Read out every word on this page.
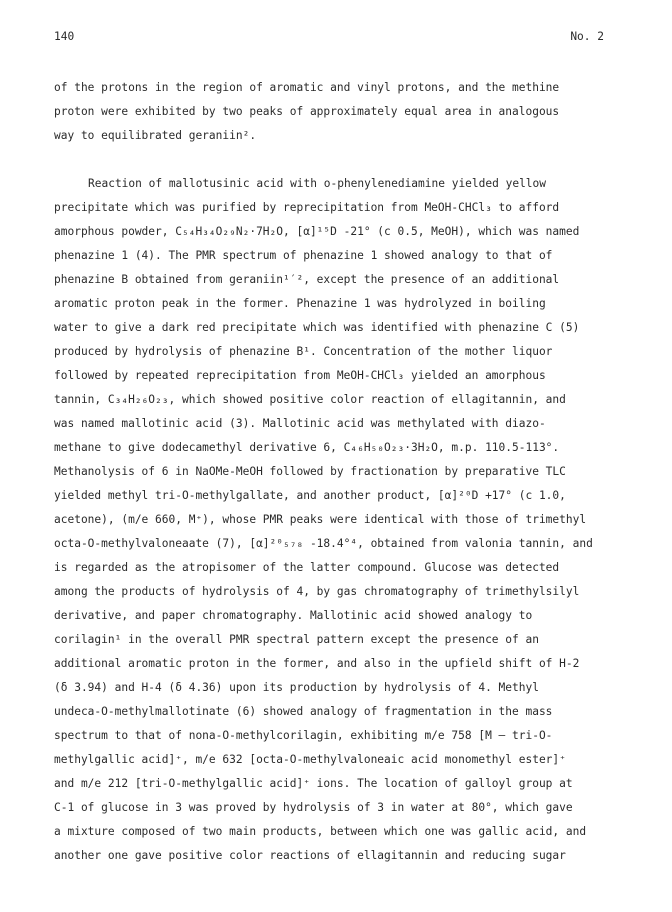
140	No. 2
of the protons in the region of aromatic and vinyl protons, and the methine
proton were exhibited by two peaks of approximately equal area in analogous
way to equilibrated geraniin².
Reaction of mallotusinic acid with o-phenylenediamine yielded yellow
precipitate which was purified by reprecipitation from MeOH-CHCl₃ to afford
amorphous powder, C₅₄H₃₄O₂₉N₂·7H₂O, [α]¹⁵D -21° (c 0.5, MeOH), which was named
phenazine 1 (4). The PMR spectrum of phenazine 1 showed analogy to that of
phenazine B obtained from geraniin¹′², except the presence of an additional
aromatic proton peak in the former. Phenazine 1 was hydrolyzed in boiling
water to give a dark red precipitate which was identified with phenazine C (5)
produced by hydrolysis of phenazine B¹. Concentration of the mother liquor
followed by repeated reprecipitation from MeOH-CHCl₃ yielded an amorphous
tannin, C₃₄H₂₆O₂₃, which showed positive color reaction of ellagitannin, and
was named mallotinic acid (3). Mallotinic acid was methylated with diazo-
methane to give dodecamethyl derivative 6, C₄₆H₅₀O₂₃·3H₂O, m.p. 110.5-113°.
Methanolysis of 6 in NaOMe-MeOH followed by fractionation by preparative TLC
yielded methyl tri-O-methylgallate, and another product, [α]²⁰D +17° (c 1.0,
acetone), (m/e 660, M⁺), whose PMR peaks were identical with those of trimethyl
octa-O-methylvaloneaate (7), [α]²⁰₅₇₈ -18.4°⁴, obtained from valonia tannin, and
is regarded as the atropisomer of the latter compound. Glucose was detected
among the products of hydrolysis of 4, by gas chromatography of trimethylsilyl
derivative, and paper chromatography. Mallotinic acid showed analogy to
corilagin¹ in the overall PMR spectral pattern except the presence of an
additional aromatic proton in the former, and also in the upfield shift of H-2
(δ 3.94) and H-4 (δ 4.36) upon its production by hydrolysis of 4. Methyl
undeca-O-methylmallotinate (6) showed analogy of fragmentation in the mass
spectrum to that of nona-O-methylcorilagin, exhibiting m/e 758 [M — tri-O-
methylgallic acid]⁺, m/e 632 [octa-O-methylvaloneaic acid monomethyl ester]⁺
and m/e 212 [tri-O-methylgallic acid]⁺ ions. The location of galloyl group at
C-1 of glucose in 3 was proved by hydrolysis of 3 in water at 80°, which gave
a mixture composed of two main products, between which one was gallic acid, and
another one gave positive color reactions of ellagitannin and reducing sugar
